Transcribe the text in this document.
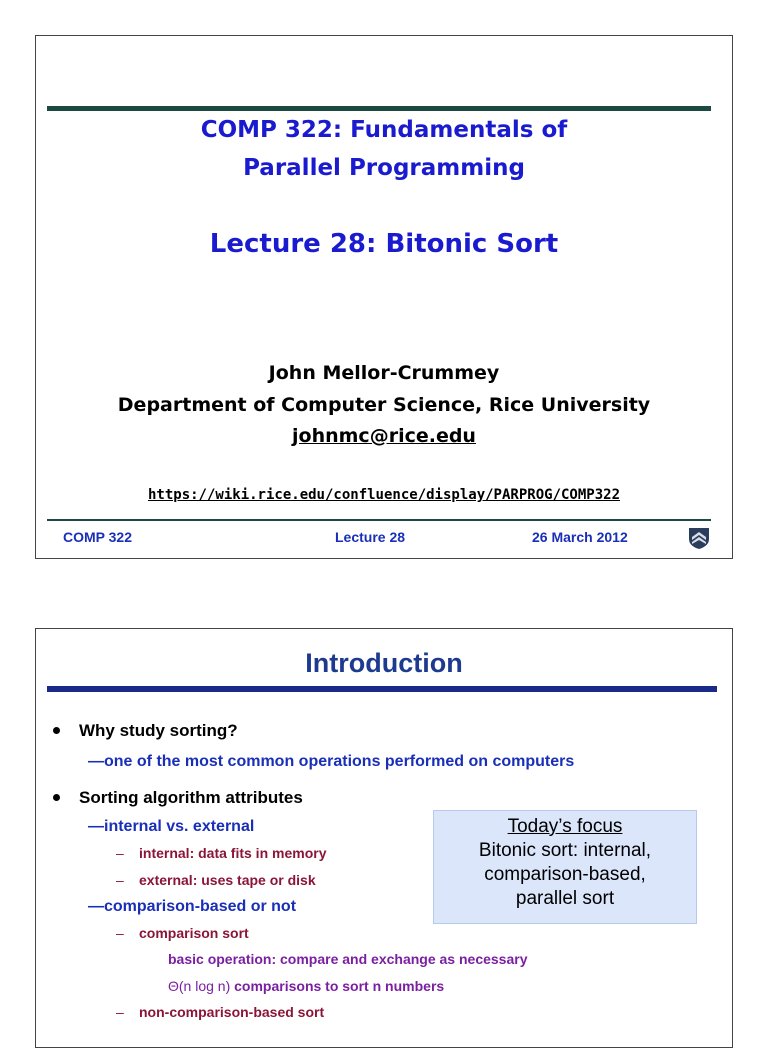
COMP 322: Fundamentals of
Parallel Programming
Lecture 28: Bitonic Sort
John Mellor-Crummey
Department of Computer Science, Rice University
johnmc@rice.edu
https://wiki.rice.edu/confluence/display/PARPROG/COMP322
COMP 322	Lecture 28	26 March 2012
Introduction
Why study sorting?
—one of the most common operations performed on computers
Sorting algorithm attributes
—internal vs. external
– internal: data fits in memory
– external: uses tape or disk
—comparison-based or not
– comparison sort
basic operation: compare and exchange as necessary
Θ(n log n) comparisons to sort n numbers
– non-comparison-based sort
Today’s focus
Bitonic sort: internal,
comparison-based,
parallel sort
